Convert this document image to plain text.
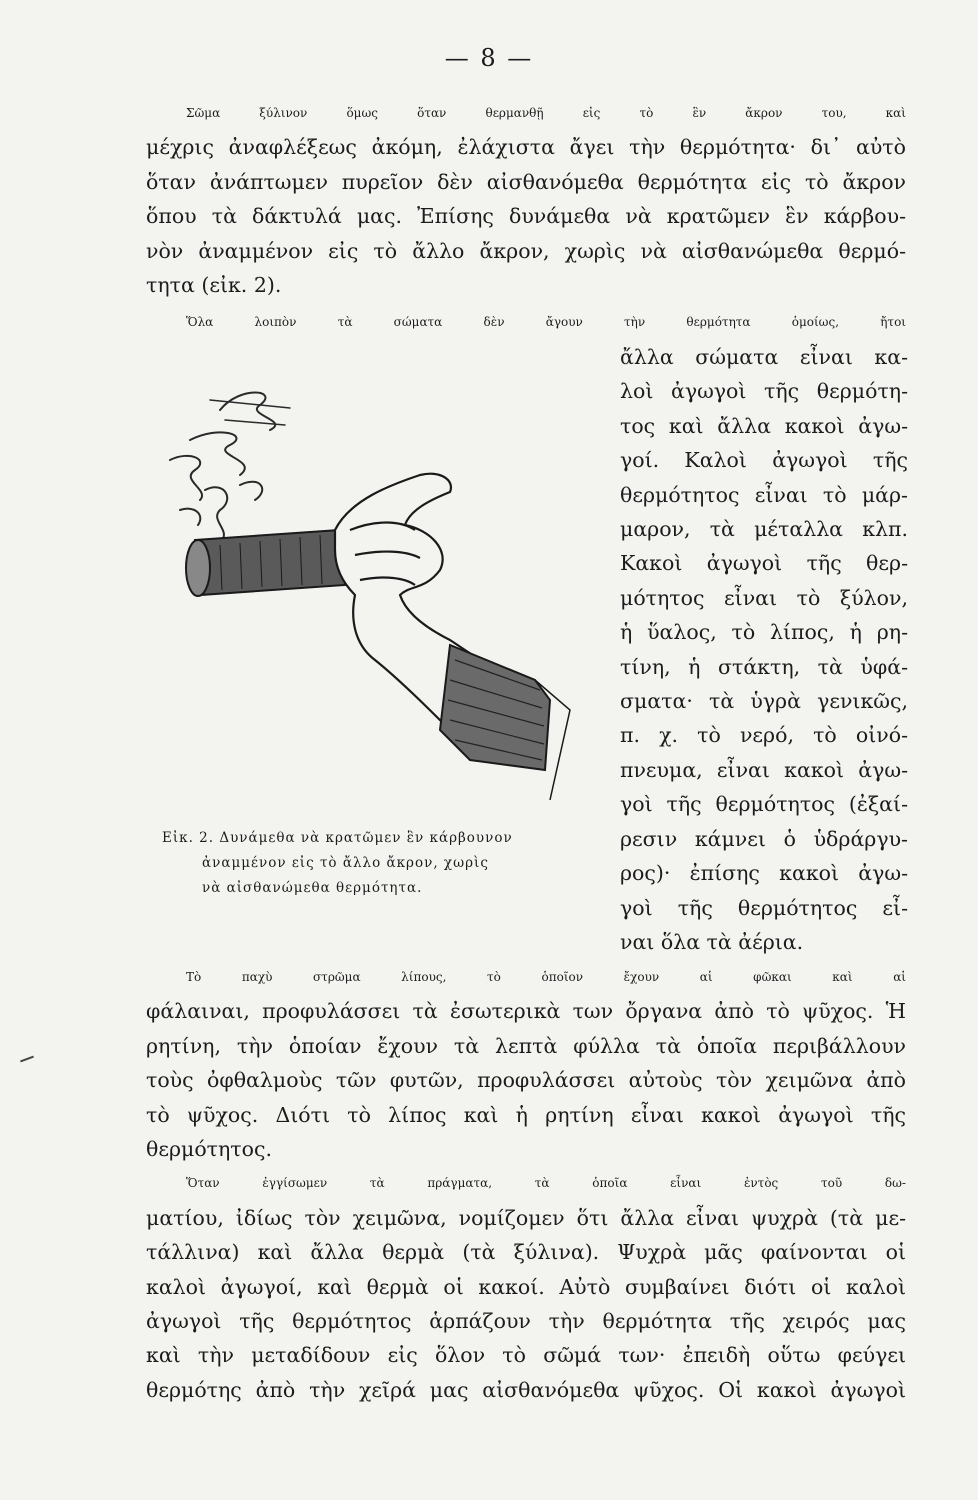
— 8 —
Σῶμα ξύλινον ὅμως ὅταν θερμανθῇ εἰς τὸ ἓν ἄκρον του, καὶ
μέχρις ἀναφλέξεως ἀκόμη, ἐλάχιστα ἄγει τὴν θερμότητα· δι᾽ αὐτὸ
ὅταν ἀνάπτωμεν πυρεῖον δὲν αἰσθανόμεθα θερμότητα εἰς τὸ ἄκρον
ὅπου τὰ δάκτυλά μας. Ἐπίσης δυνάμεθα νὰ κρατῶμεν ἓν κάρβου-
νὸν ἀναμμένον εἰς τὸ ἄλλο ἄκρον, χωρὶς νὰ αἰσθανώμεθα θερμό-
τητα (εἰκ. 2).
Ὅλα λοιπὸν τὰ σώματα δὲν ἄγουν τὴν θερμότητα ὁμοίως, ἤτοι
ἄλλα σώματα εἶναι κα-
λοὶ ἀγωγοὶ τῆς θερμότη-
τος καὶ ἄλλα κακοὶ ἀγω-
γοί. Καλοὶ ἀγωγοὶ τῆς
θερμότητος εἶναι τὸ μάρ-
μαρον, τὰ μέταλλα κλπ.
Κακοὶ ἀγωγοὶ τῆς θερ-
μότητος εἶναι τὸ ξύλον,
ἡ ὕαλος, τὸ λίπος, ἡ ρη-
τίνη, ἡ στάκτη, τὰ ὑφά-
σματα· τὰ ὑγρὰ γενικῶς,
π. χ. τὸ νερό, τὸ οἰνό-
πνευμα, εἶναι κακοὶ ἀγω-
γοὶ τῆς θερμότητος (ἐξαί-
ρεσιν κάμνει ὁ ὑδράργυ-
ρος)· ἐπίσης κακοὶ ἀγω-
γοὶ τῆς θερμότητος εἶ-
ναι ὅλα τὰ ἀέρια.
Εἰκ. 2. Δυνάμεθα νὰ κρατῶμεν ἓν κάρβουνον
ἀναμμένον εἰς τὸ ἄλλο ἄκρον, χωρὶς
νὰ αἰσθανώμεθα θερμότητα.
Τὸ παχὺ στρῶμα λίπους, τὸ ὁποῖον ἔχουν αἱ φῶκαι καὶ αἱ
φάλαιναι, προφυλάσσει τὰ ἐσωτερικὰ των ὄργανα ἀπὸ τὸ ψῦχος. Ἡ
ρητίνη, τὴν ὁποίαν ἔχουν τὰ λεπτὰ φύλλα τὰ ὁποῖα περιβάλλουν
τοὺς ὀφθαλμοὺς τῶν φυτῶν, προφυλάσσει αὐτοὺς τὸν χειμῶνα ἀπὸ
τὸ ψῦχος. Διότι τὸ λίπος καὶ ἡ ρητίνη εἶναι κακοὶ ἀγωγοὶ τῆς
θερμότητος.
Ὅταν ἐγγίσωμεν τὰ πράγματα, τὰ ὁποῖα εἶναι ἐντὸς τοῦ δω-
ματίου, ἰδίως τὸν χειμῶνα, νομίζομεν ὅτι ἄλλα εἶναι ψυχρὰ (τὰ με-
τάλλινα) καὶ ἄλλα θερμὰ (τὰ ξύλινα). Ψυχρὰ μᾶς φαίνονται οἱ
καλοὶ ἀγωγοί, καὶ θερμὰ οἱ κακοί. Αὐτὸ συμβαίνει διότι οἱ καλοὶ
ἀγωγοὶ τῆς θερμότητος ἁρπάζουν τὴν θερμότητα τῆς χειρός μας
καὶ τὴν μεταδίδουν εἰς ὅλον τὸ σῶμά των· ἐπειδὴ οὕτω φεύγει
θερμότης ἀπὸ τὴν χεῖρά μας αἰσθανόμεθα ψῦχος. Οἱ κακοὶ ἀγωγοὶ
